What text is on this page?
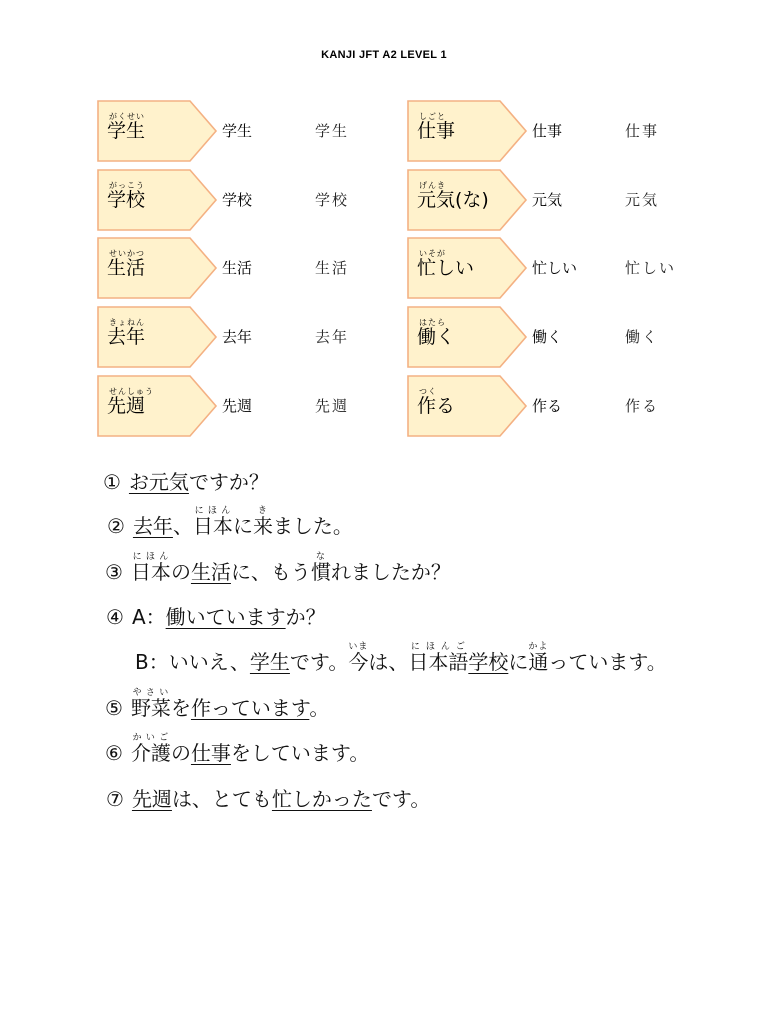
KANJI JFT A2 LEVEL 1
がくせい
学生	学生	学生
がっこう
学校	学校	学校
せいかつ
生活	生活	生活
きょねん
去年	去年	去年
せんしゅう
先週	先週	先週
しごと
仕事	仕事	仕事
げんき
元気(な)	元気	元気
いそが
忙しい	忙しい	忙しい
はたら
働く	働く	働く
つく
作る	作る	作る
① お元気ですか？
② 去年、日本にほんに来きました。
③ 日本にほんの生活に、もう慣なれましたか？
④ A：働いていますか？
B：いいえ、学生です。今いまは、日本語にほんご学校に通かよっています。
⑤ 野菜やさいを作っています。
⑥ 介護かいごの仕事をしています。
⑦ 先週は、とても忙しかったです。
